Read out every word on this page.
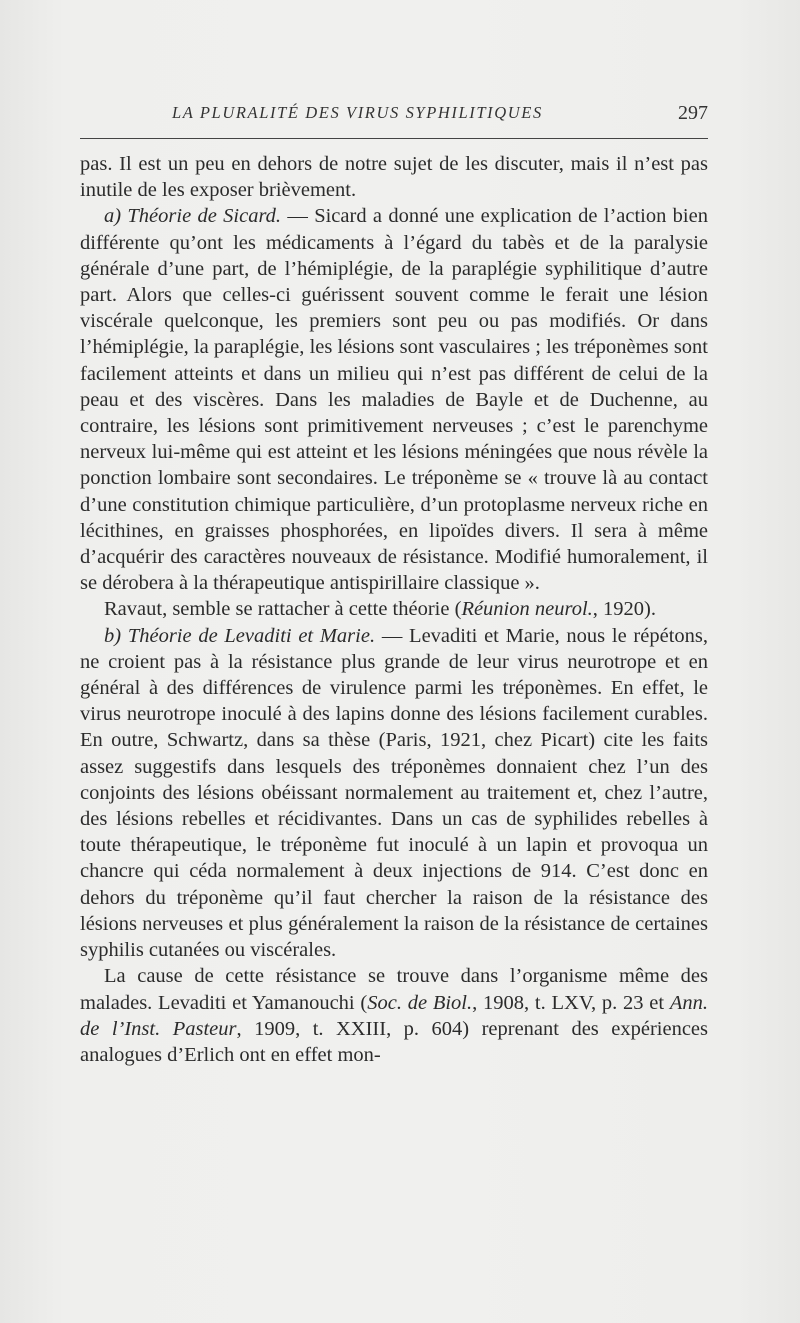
LA PLURALITÉ DES VIRUS SYPHILITIQUES	297

pas. Il est un peu en dehors de notre sujet de les discuter, mais il n’est pas inutile de les exposer brièvement.

a) Théorie de Sicard. — Sicard a donné une explication de l’action bien différente qu’ont les médicaments à l’égard du tabès et de la paralysie générale d’une part, de l’hémiplégie, de la paraplégie syphilitique d’autre part. Alors que celles-ci guérissent souvent comme le ferait une lésion viscérale quelconque, les premiers sont peu ou pas modifiés. Or dans l’hémiplégie, la paraplégie, les lésions sont vasculaires ; les tréponèmes sont facilement atteints et dans un milieu qui n’est pas différent de celui de la peau et des viscères. Dans les maladies de Bayle et de Duchenne, au contraire, les lésions sont primitivement nerveuses ; c’est le parenchyme nerveux lui-même qui est atteint et les lésions méningées que nous révèle la ponction lombaire sont secondaires. Le tréponème se « trouve là au contact d’une constitution chimique particulière, d’un protoplasme nerveux riche en lécithines, en graisses phosphorées, en lipoïdes divers. Il sera à même d’acquérir des caractères nouveaux de résistance. Modifié humoralement, il se dérobera à la thérapeutique antispirillaire classique ».

Ravaut, semble se rattacher à cette théorie (Réunion neurol., 1920).

b) Théorie de Levaditi et Marie. — Levaditi et Marie, nous le répétons, ne croient pas à la résistance plus grande de leur virus neurotrope et en général à des différences de virulence parmi les tréponèmes. En effet, le virus neurotrope inoculé à des lapins donne des lésions facilement curables. En outre, Schwartz, dans sa thèse (Paris, 1921, chez Picart) cite les faits assez suggestifs dans lesquels des tréponèmes donnaient chez l’un des conjoints des lésions obéissant normalement au traitement et, chez l’autre, des lésions rebelles et récidivantes. Dans un cas de syphilides rebelles à toute thérapeutique, le tréponème fut inoculé à un lapin et provoqua un chancre qui céda normalement à deux injections de 914. C’est donc en dehors du tréponème qu’il faut chercher la raison de la résistance des lésions nerveuses et plus généralement la raison de la résistance de certaines syphilis cutanées ou viscérales.

La cause de cette résistance se trouve dans l’organisme même des malades. Levaditi et Yamanouchi (Soc. de Biol., 1908, t. LXV, p. 23 et Ann. de l’Inst. Pasteur, 1909, t. XXIII, p. 604) reprenant des expériences analogues d’Erlich ont en effet mon-
